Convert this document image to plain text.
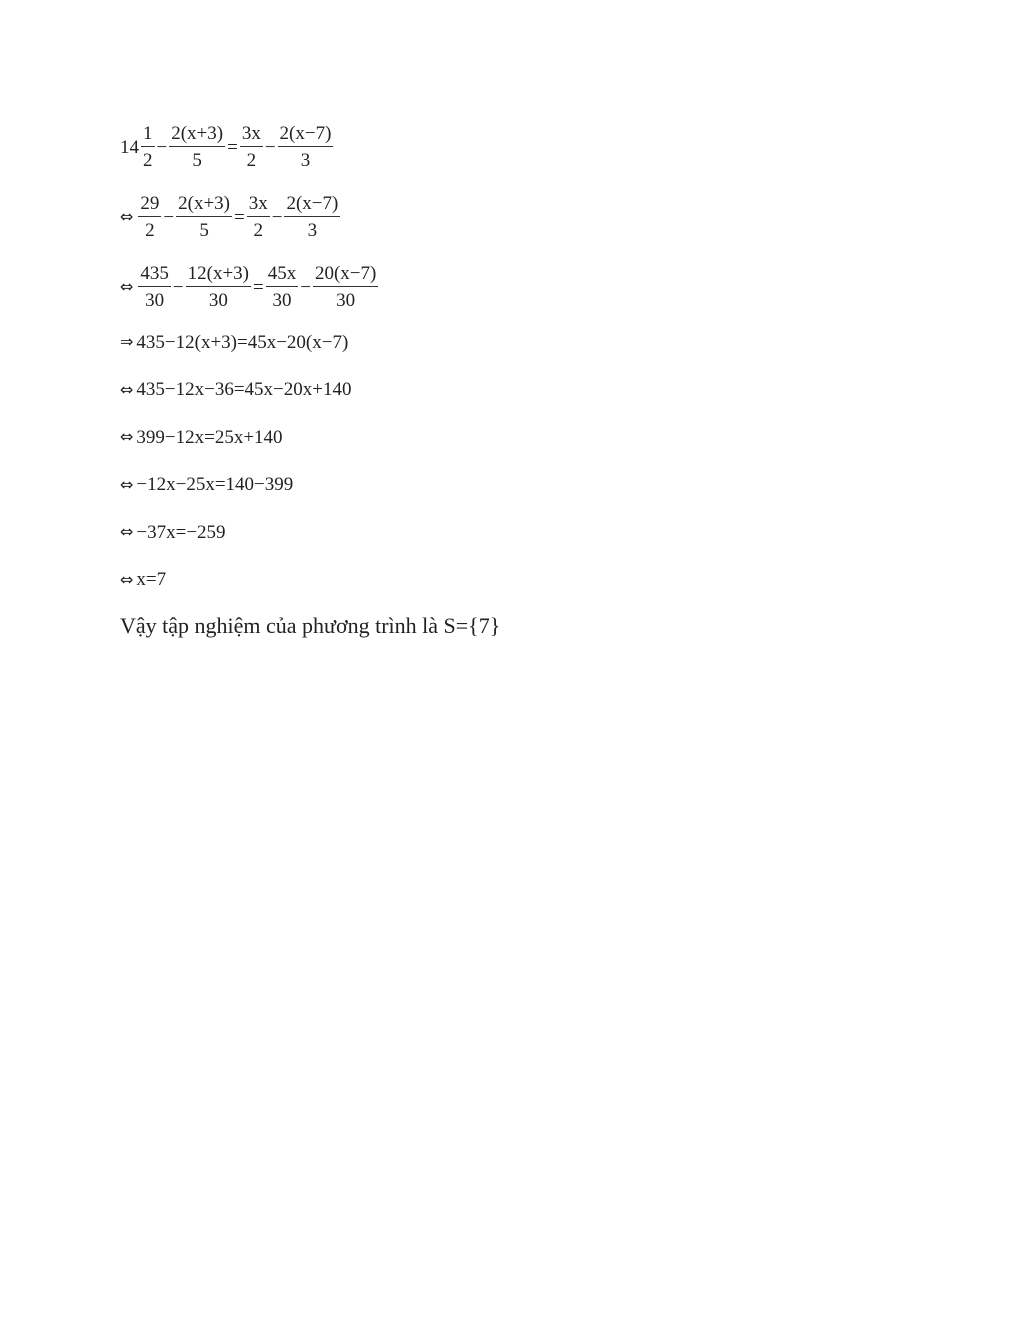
$14 \frac{1}{2} - \frac{2(x+3)}{5} = \frac{3x}{2} - \frac{2(x-7)}{3}$
⇔ $\frac{29}{2} - \frac{2(x+3)}{5} = \frac{3x}{2} - \frac{2(x-7)}{3}$
⇔ $\frac{435}{30} - \frac{12(x+3)}{30} = \frac{45x}{30} - \frac{20(x-7)}{30}$
⇒ 435−12(x+3)=45x−20(x−7)
⇔ 435−12x−36=45x−20x+140
⇔ 399−12x=25x+140
⇔ −12x−25x=140−399
⇔ −37x=−259
⇔ x=7
Vậy tập nghiệm của phương trình là S={7}
